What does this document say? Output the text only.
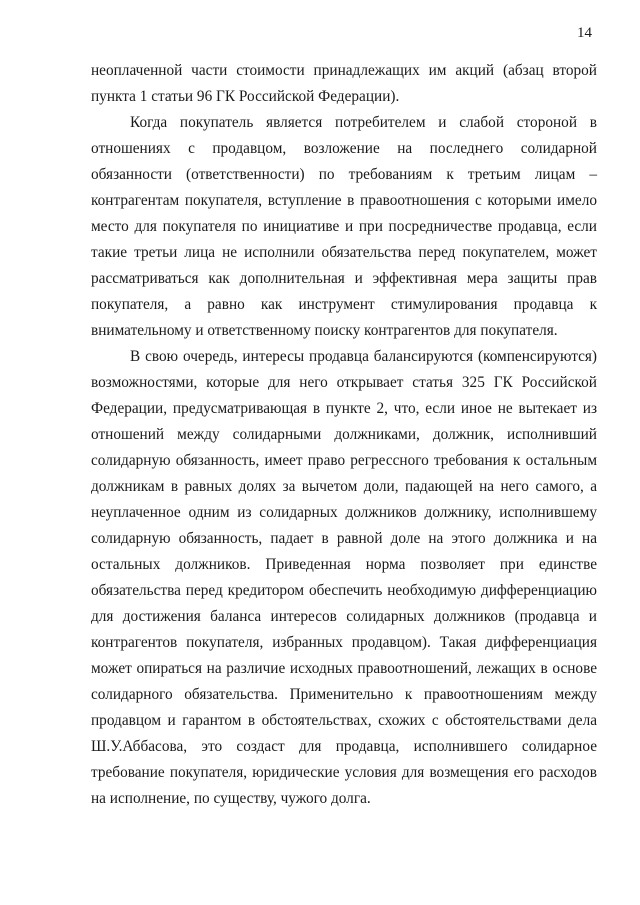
14

неоплаченной части стоимости принадлежащих им акций (абзац второй пункта 1 статьи 96 ГК Российской Федерации).

Когда покупатель является потребителем и слабой стороной в отношениях с продавцом, возложение на последнего солидарной обязанности (ответственности) по требованиям к третьим лицам – контрагентам покупателя, вступление в правоотношения с которыми имело место для покупателя по инициативе и при посредничестве продавца, если такие третьи лица не исполнили обязательства перед покупателем, может рассматриваться как дополнительная и эффективная мера защиты прав покупателя, а равно как инструмент стимулирования продавца к внимательному и ответственному поиску контрагентов для покупателя.

В свою очередь, интересы продавца балансируются (компенсируются) возможностями, которые для него открывает статья 325 ГК Российской Федерации, предусматривающая в пункте 2, что, если иное не вытекает из отношений между солидарными должниками, должник, исполнивший солидарную обязанность, имеет право регрессного требования к остальным должникам в равных долях за вычетом доли, падающей на него самого, а неуплаченное одним из солидарных должников должнику, исполнившему солидарную обязанность, падает в равной доле на этого должника и на остальных должников. Приведенная норма позволяет при единстве обязательства перед кредитором обеспечить необходимую дифференциацию для достижения баланса интересов солидарных должников (продавца и контрагентов покупателя, избранных продавцом). Такая дифференциация может опираться на различие исходных правоотношений, лежащих в основе солидарного обязательства. Применительно к правоотношениям между продавцом и гарантом в обстоятельствах, схожих с обстоятельствами дела Ш.У.Аббасова, это создаст для продавца, исполнившего солидарное требование покупателя, юридические условия для возмещения его расходов на исполнение, по существу, чужого долга.
